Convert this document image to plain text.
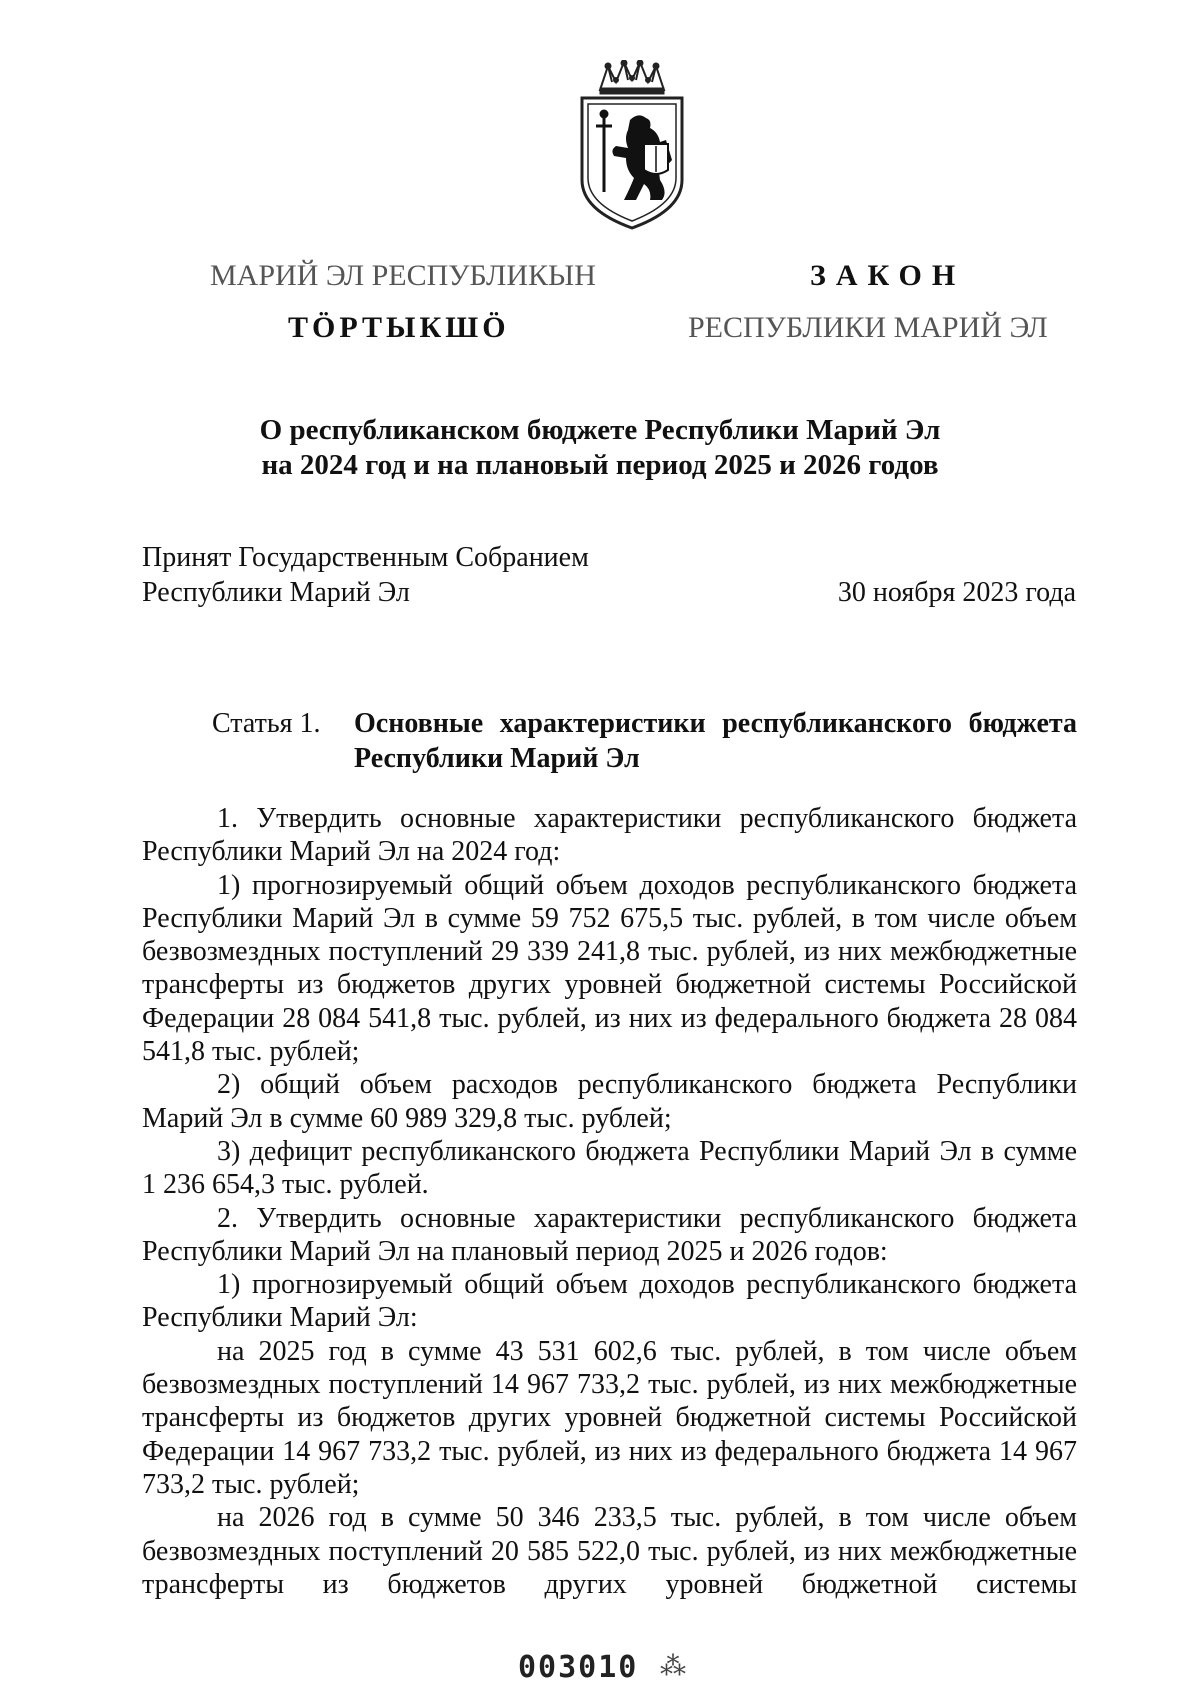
МАРИЙ ЭЛ РЕСПУБЛИКЫН
ТӦРТЫКШӦ
ЗАКОН
РЕСПУБЛИКИ МАРИЙ ЭЛ
О республиканском бюджете Республики Марий Эл
на 2024 год и на плановый период 2025 и 2026 годов
Принят Государственным Собранием
Республики Марий Эл	30 ноября 2023 года
Статья 1. Основные характеристики республиканского бюджета Республики Марий Эл

1. Утвердить основные характеристики республиканского бюджета Республики Марий Эл на 2024 год:

1) прогнозируемый общий объем доходов республиканского бюджета Республики Марий Эл в сумме 59 752 675,5 тыс. рублей, в том числе объем безвозмездных поступлений 29 339 241,8 тыс. рублей, из них межбюджетные трансферты из бюджетов других уровней бюджетной системы Российской Федерации 28 084 541,8 тыс. рублей, из них из федерального бюджета 28 084 541,8 тыс. рублей;

2) общий объем расходов республиканского бюджета Республики Марий Эл в сумме 60 989 329,8 тыс. рублей;

3) дефицит республиканского бюджета Республики Марий Эл в сумме 1 236 654,3 тыс. рублей.

2. Утвердить основные характеристики республиканского бюджета Республики Марий Эл на плановый период 2025 и 2026 годов:

1) прогнозируемый общий объем доходов республиканского бюджета Республики Марий Эл:

на 2025 год в сумме 43 531 602,6 тыс. рублей, в том числе объем безвозмездных поступлений 14 967 733,2 тыс. рублей, из них межбюджетные трансферты из бюджетов других уровней бюджетной системы Российской Федерации 14 967 733,2 тыс. рублей, из них из федерального бюджета 14 967 733,2 тыс. рублей;

на 2026 год в сумме 50 346 233,5 тыс. рублей, в том числе объем безвозмездных поступлений 20 585 522,0 тыс. рублей, из них межбюджетные трансферты из бюджетов других уровней бюджетной системы

003010 ⁂
